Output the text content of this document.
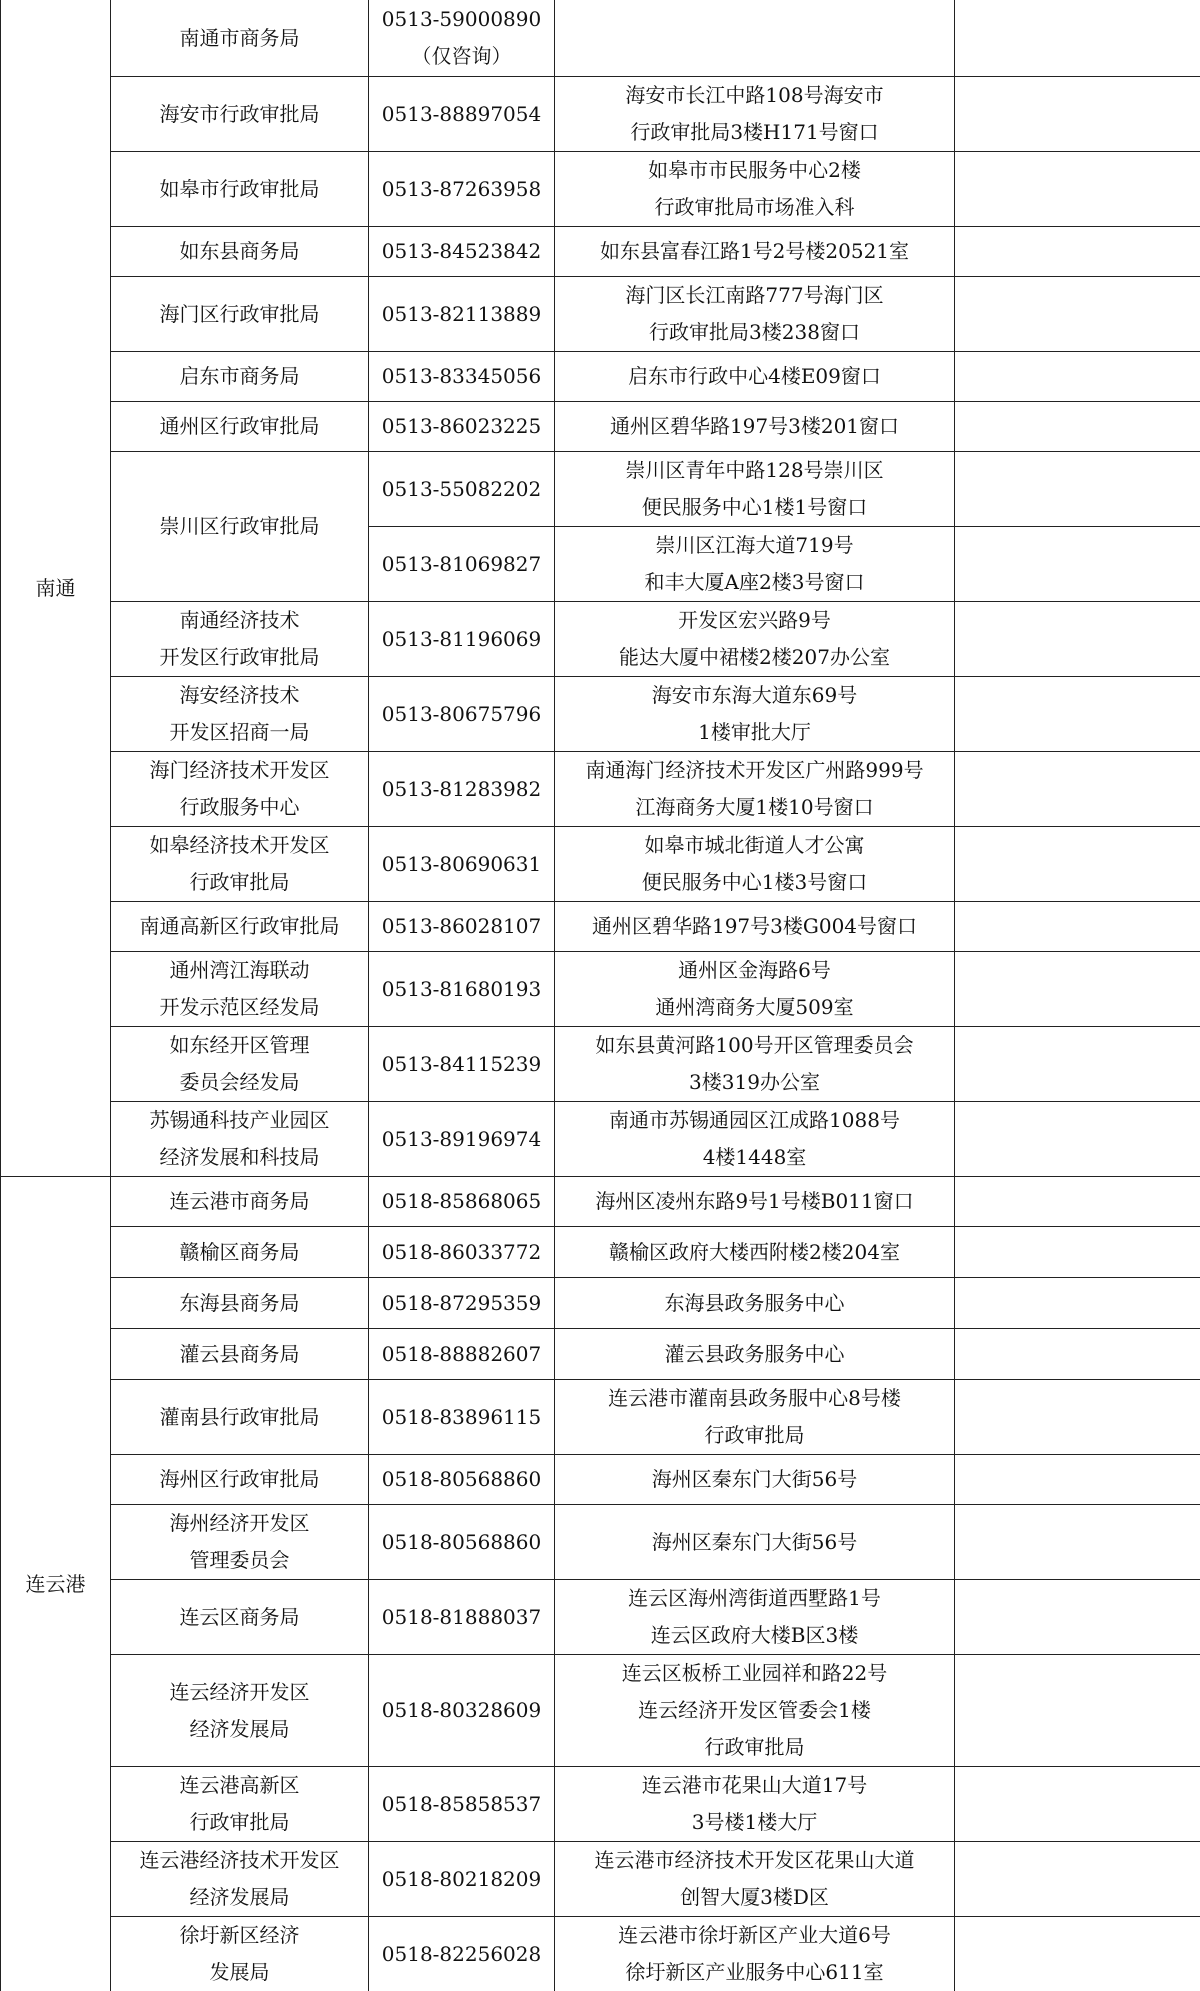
南通	南通市商务局	0513-59000890
（仅咨询）		

	海安市行政审批局	0513-88897054	海安市长江中路108号海安市
行政审批局3楼H171号窗口	

	如皋市行政审批局	0513-87263958	如皋市市民服务中心2楼
行政审批局市场准入科	

	如东县商务局	0513-84523842	如东县富春江路1号2号楼20521室	

	海门区行政审批局	0513-82113889	海门区长江南路777号海门区
行政审批局3楼238窗口	

	启东市商务局	0513-83345056	启东市行政中心4楼E09窗口	

	通州区行政审批局	0513-86023225	通州区碧华路197号3楼201窗口	

	崇川区行政审批局	0513-55082202	崇川区青年中路128号崇川区
便民服务中心1楼1号窗口	

		0513-81069827	崇川区江海大道719号
和丰大厦A座2楼3号窗口	

	南通经济技术
开发区行政审批局	0513-81196069	开发区宏兴路9号
能达大厦中裙楼2楼207办公室	

	海安经济技术
开发区招商一局	0513-80675796	海安市东海大道东69号
1楼审批大厅	

	海门经济技术开发区
行政服务中心	0513-81283982	南通海门经济技术开发区广州路999号
江海商务大厦1楼10号窗口	

	如皋经济技术开发区
行政审批局	0513-80690631	如皋市城北街道人才公寓
便民服务中心1楼3号窗口	

	南通高新区行政审批局	0513-86028107	通州区碧华路197号3楼G004号窗口	

	通州湾江海联动
开发示范区经发局	0513-81680193	通州区金海路6号
通州湾商务大厦509室	

	如东经开区管理
委员会经发局	0513-84115239	如东县黄河路100号开区管理委员会
3楼319办公室	

	苏锡通科技产业园区
经济发展和科技局	0513-89196974	南通市苏锡通园区江成路1088号
4楼1448室	

连云港	连云港市商务局	0518-85868065	海州区凌州东路9号1号楼B011窗口	

	赣榆区商务局	0518-86033772	赣榆区政府大楼西附楼2楼204室	

	东海县商务局	0518-87295359	东海县政务服务中心	

	灌云县商务局	0518-88882607	灌云县政务服务中心	

	灌南县行政审批局	0518-83896115	连云港市灌南县政务服中心8号楼
行政审批局	

	海州区行政审批局	0518-80568860	海州区秦东门大街56号	

	海州经济开发区
管理委员会	0518-80568860	海州区秦东门大街56号	

	连云区商务局	0518-81888037	连云区海州湾街道西墅路1号
连云区政府大楼B区3楼	

	连云经济开发区
经济发展局	0518-80328609	连云区板桥工业园祥和路22号
连云经济开发区管委会1楼
行政审批局	

	连云港高新区
行政审批局	0518-85858537	连云港市花果山大道17号
3号楼1楼大厅	

	连云港经济技术开发区
经济发展局	0518-80218209	连云港市经济技术开发区花果山大道
创智大厦3楼D区	

	徐圩新区经济
发展局	0518-82256028	连云港市徐圩新区产业大道6号
徐圩新区产业服务中心611室	
